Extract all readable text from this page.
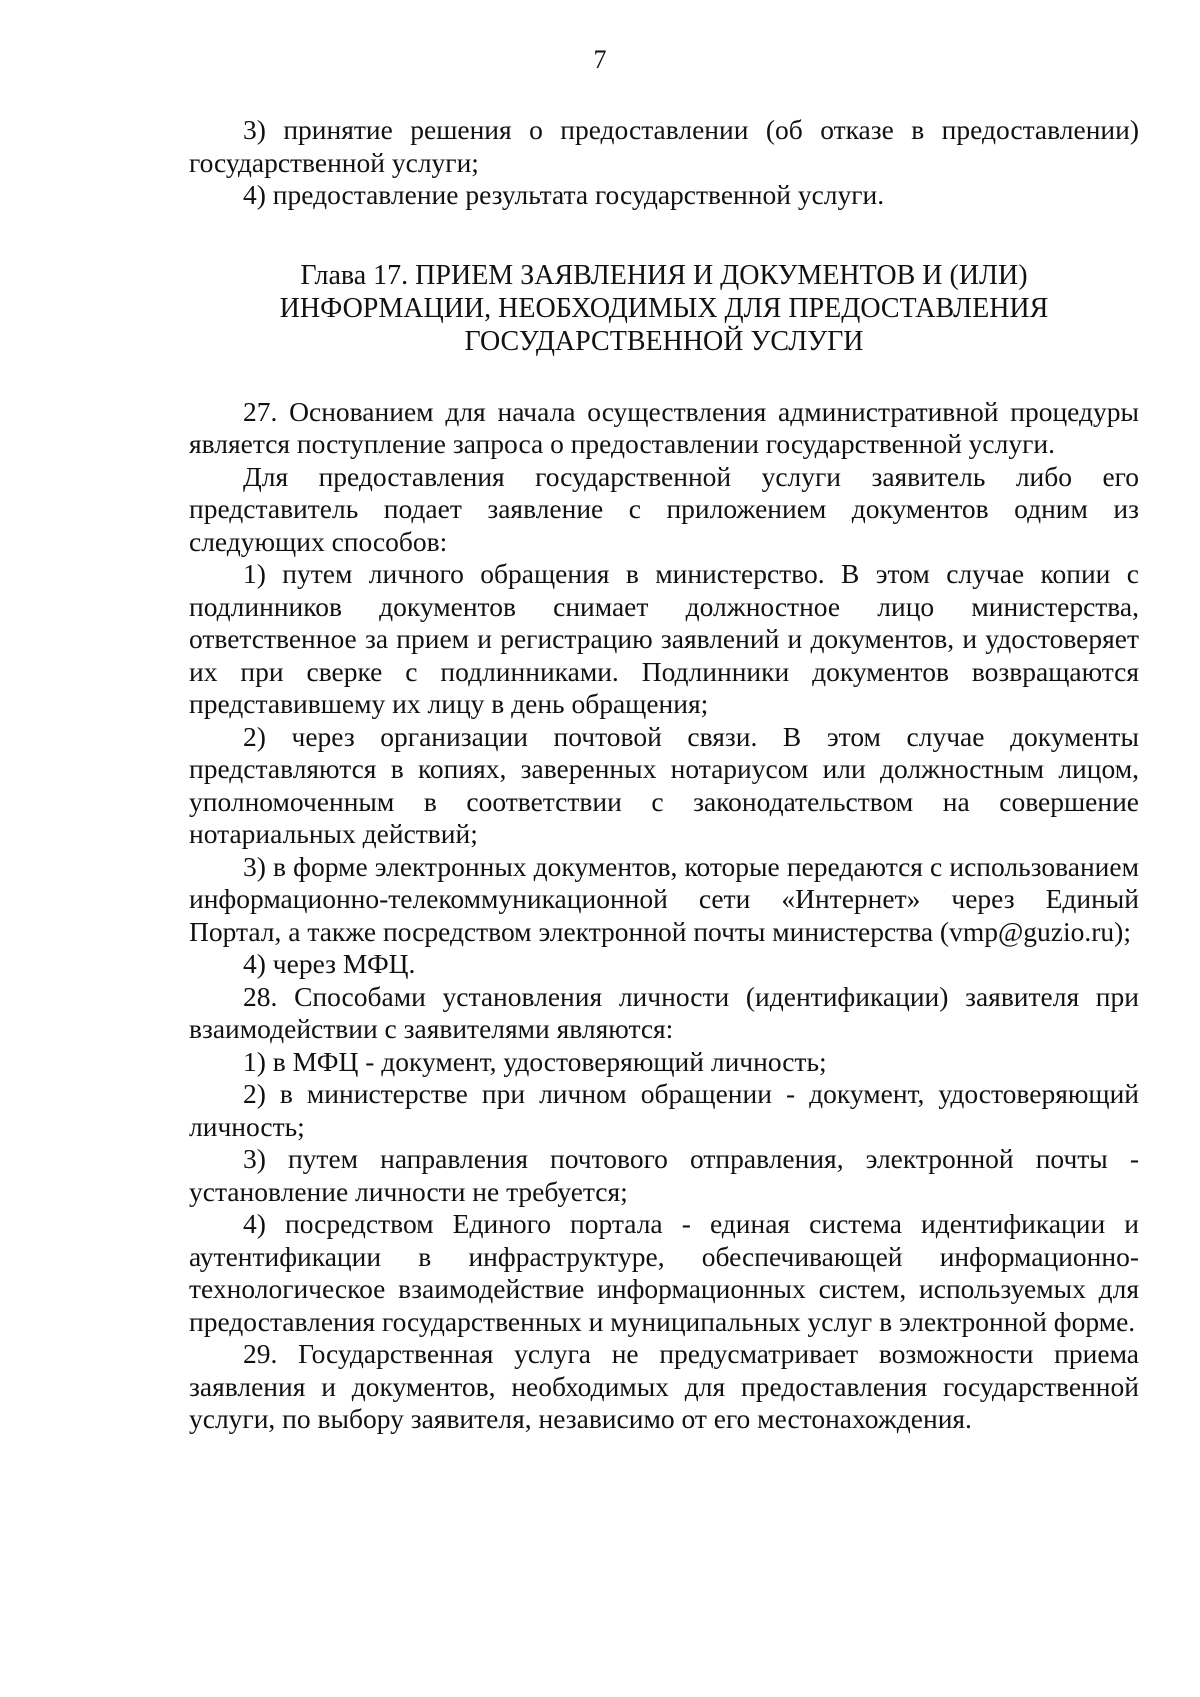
7

3) принятие решения о предоставлении (об отказе в предоставлении) государственной услуги;

4) предоставление результата государственной услуги.

Глава 17. ПРИЕМ ЗАЯВЛЕНИЯ И ДОКУМЕНТОВ И (ИЛИ)
ИНФОРМАЦИИ, НЕОБХОДИМЫХ ДЛЯ ПРЕДОСТАВЛЕНИЯ
ГОСУДАРСТВЕННОЙ УСЛУГИ

27. Основанием для начала осуществления административной процедуры является поступление запроса о предоставлении государственной услуги.

Для предоставления государственной услуги заявитель либо его представитель подает заявление с приложением документов одним из следующих способов:

1) путем личного обращения в министерство. В этом случае копии с подлинников документов снимает должностное лицо министерства, ответственное за прием и регистрацию заявлений и документов, и удостоверяет их при сверке с подлинниками. Подлинники документов возвращаются представившему их лицу в день обращения;

2) через организации почтовой связи. В этом случае документы представляются в копиях, заверенных нотариусом или должностным лицом, уполномоченным в соответствии с законодательством на совершение нотариальных действий;

3) в форме электронных документов, которые передаются с использованием информационно-телекоммуникационной сети «Интернет» через Единый Портал, а также посредством электронной почты министерства (vmp@guzio.ru);

4) через МФЦ.

28. Способами установления личности (идентификации) заявителя при взаимодействии с заявителями являются:

1) в МФЦ - документ, удостоверяющий личность;

2) в министерстве при личном обращении - документ, удостоверяющий личность;

3) путем направления почтового отправления, электронной почты - установление личности не требуется;

4) посредством Единого портала - единая система идентификации и аутентификации в инфраструктуре, обеспечивающей информационно-технологическое взаимодействие информационных систем, используемых для предоставления государственных и муниципальных услуг в электронной форме.

29. Государственная услуга не предусматривает возможности приема заявления и документов, необходимых для предоставления государственной услуги, по выбору заявителя, независимо от его местонахождения.
